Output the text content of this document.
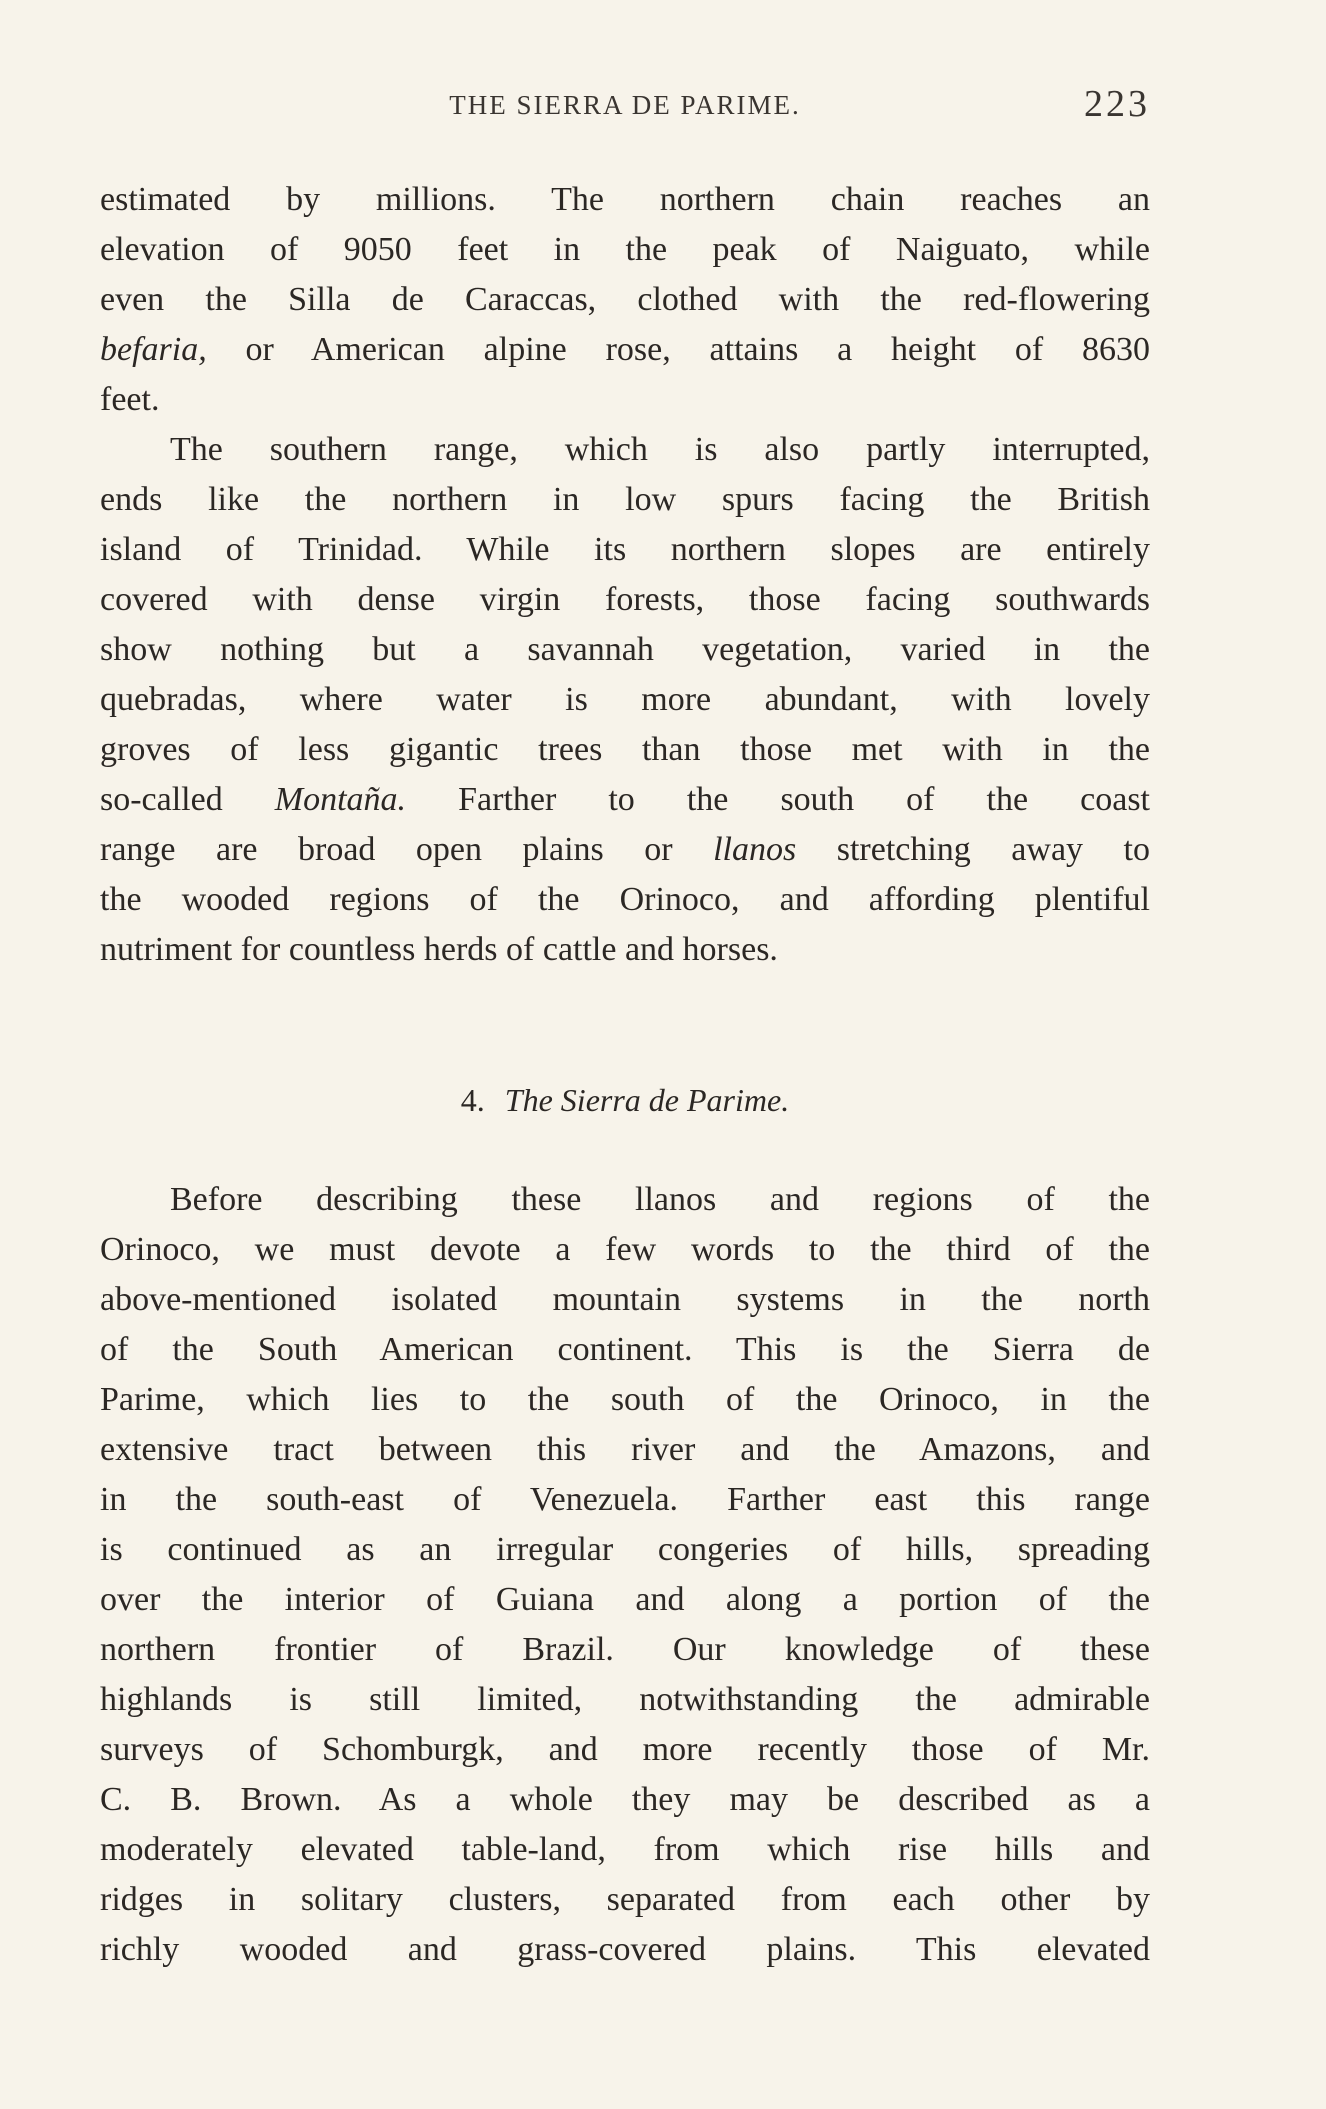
THE SIERRA DE PARIME.	223
estimated by millions. The northern chain reaches an
elevation of 9050 feet in the peak of Naiguato, while
even the Silla de Caraccas, clothed with the red-flowering
befaria, or American alpine rose, attains a height of 8630
feet.
The southern range, which is also partly interrupted,
ends like the northern in low spurs facing the British
island of Trinidad. While its northern slopes are entirely
covered with dense virgin forests, those facing southwards
show nothing but a savannah vegetation, varied in the
quebradas, where water is more abundant, with lovely
groves of less gigantic trees than those met with in the
so-called Montaña. Farther to the south of the coast
range are broad open plains or llanos stretching away to
the wooded regions of the Orinoco, and affording plentiful
nutriment for countless herds of cattle and horses.
4. The Sierra de Parime.
Before describing these llanos and regions of the
Orinoco, we must devote a few words to the third of the
above-mentioned isolated mountain systems in the north
of the South American continent. This is the Sierra de
Parime, which lies to the south of the Orinoco, in the
extensive tract between this river and the Amazons, and
in the south-east of Venezuela. Farther east this range
is continued as an irregular congeries of hills, spreading
over the interior of Guiana and along a portion of the
northern frontier of Brazil. Our knowledge of these
highlands is still limited, notwithstanding the admirable
surveys of Schomburgk, and more recently those of Mr.
C. B. Brown. As a whole they may be described as a
moderately elevated table-land, from which rise hills and
ridges in solitary clusters, separated from each other by
richly wooded and grass-covered plains. This elevated
